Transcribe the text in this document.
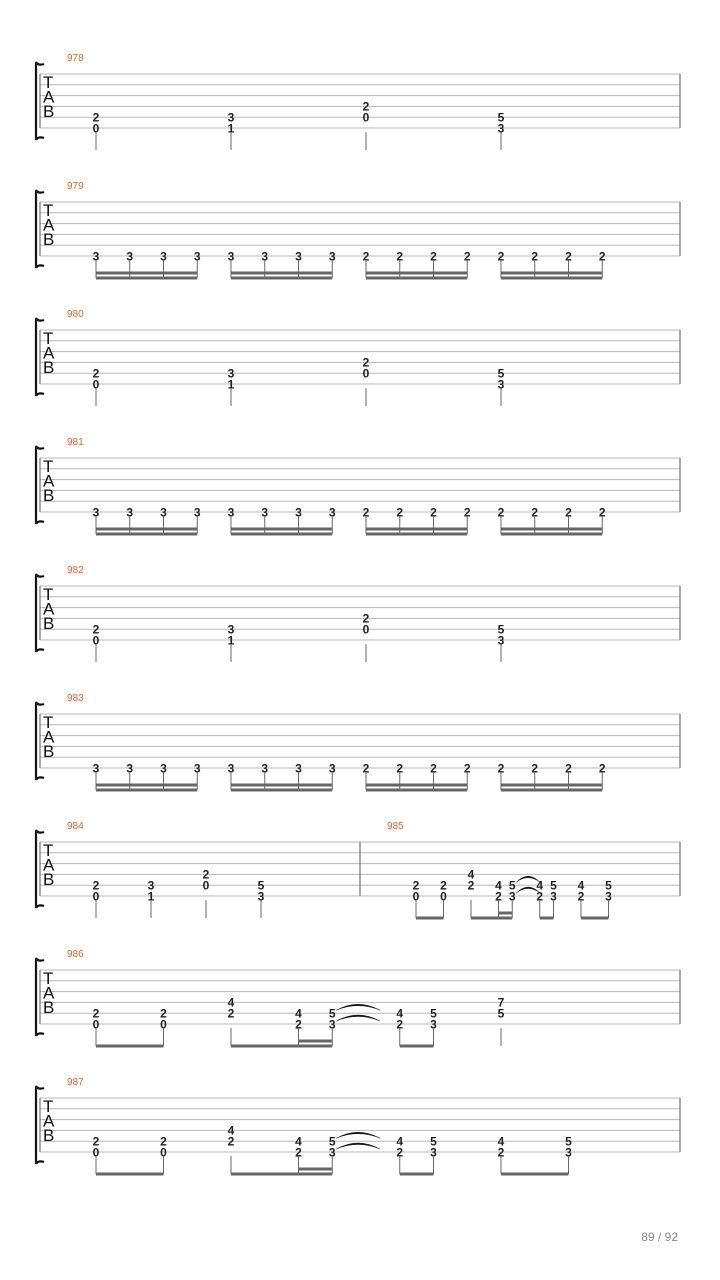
T
A
B
978
2
0
3
1
2
0	5
3
T
A
B
979
3 3 3 3 3 3 3 3 2 2 2 2 2 2 2 2
T
A
B
980
2
0
3
1
2
0	5
3
T
A
B
981
3 3 3 3 3 3 3 3 2 2 2 2 2 2 2 2
T
A
B
982
2
0
3
1
2
0	5
3
T
A
B
983
3 3 3 3 3 3 3 3 2 2 2 2 2 2 2 2
T
A
B
984
2
0
3
1
2
0	5
3
985
2
0
2
0
4
2 4
2
5
3
4
2
5
3
4
2
5
3
T
A
B
986
2
0
2
0
4
2	4
2
5
3
4
2
5
3
7
5
T
A
B
987
2
0
2
0
4
2	4
2
5
3
4
2
5
3
4
2
5
3
89 / 92
